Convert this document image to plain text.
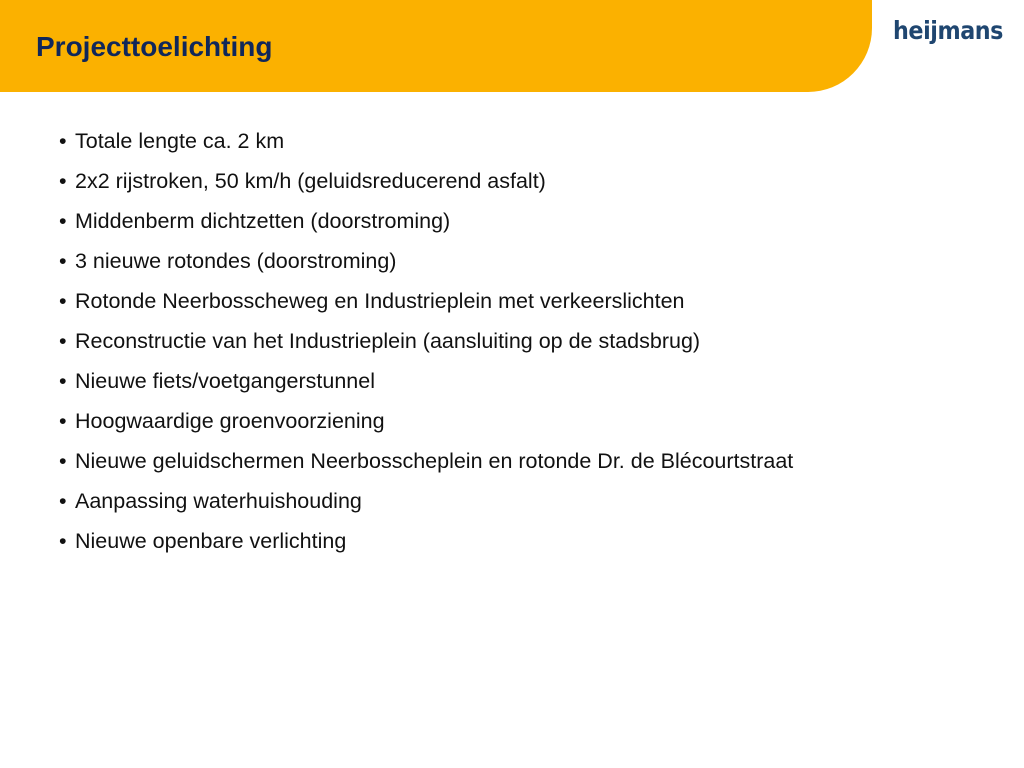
Projecttoelichting
heijmans
• Totale lengte ca. 2 km
• 2x2 rijstroken, 50 km/h (geluidsreducerend asfalt)
• Middenberm dichtzetten (doorstroming)
• 3 nieuwe rotondes (doorstroming)
• Rotonde Neerbosscheweg en Industrieplein met verkeerslichten
• Reconstructie van het Industrieplein (aansluiting op de stadsbrug)
• Nieuwe fiets/voetgangerstunnel
• Hoogwaardige groenvoorziening
• Nieuwe geluidschermen Neerbosscheplein en rotonde Dr. de Blécourtstraat
• Aanpassing waterhuishouding
• Nieuwe openbare verlichting
